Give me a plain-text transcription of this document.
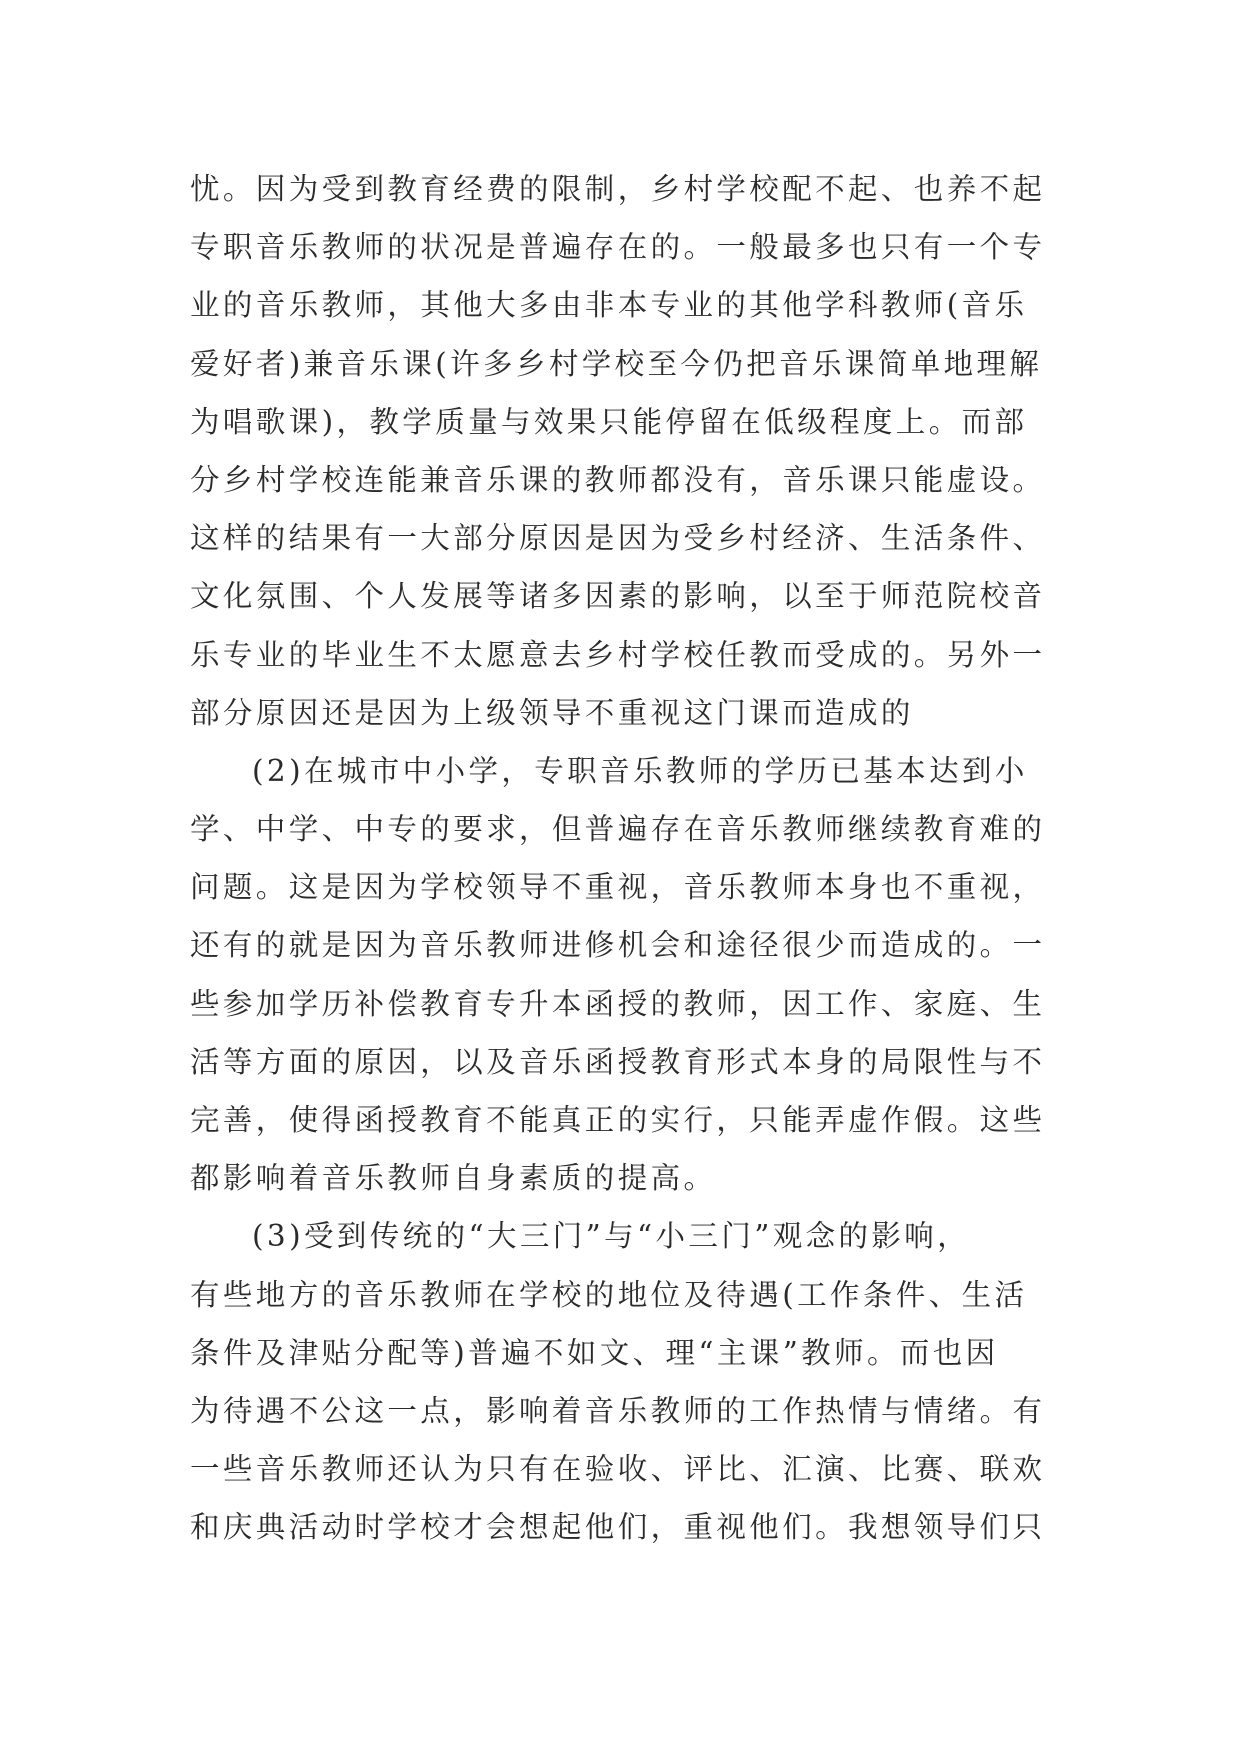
忧。因为受到教育经费的限制，乡村学校配不起、也养不起
专职音乐教师的状况是普遍存在的。一般最多也只有一个专
业的音乐教师，其他大多由非本专业的其他学科教师(音乐
爱好者)兼音乐课(许多乡村学校至今仍把音乐课简单地理解
为唱歌课)，教学质量与效果只能停留在低级程度上。而部
分乡村学校连能兼音乐课的教师都没有，音乐课只能虚设。
这样的结果有一大部分原因是因为受乡村经济、生活条件、
文化氛围、个人发展等诸多因素的影响，以至于师范院校音
乐专业的毕业生不太愿意去乡村学校任教而受成的。另外一
部分原因还是因为上级领导不重视这门课而造成的
(2)在城市中小学，专职音乐教师的学历已基本达到小
学、中学、中专的要求，但普遍存在音乐教师继续教育难的
问题。这是因为学校领导不重视，音乐教师本身也不重视，
还有的就是因为音乐教师进修机会和途径很少而造成的。一
些参加学历补偿教育专升本函授的教师，因工作、家庭、生
活等方面的原因，以及音乐函授教育形式本身的局限性与不
完善，使得函授教育不能真正的实行，只能弄虚作假。这些
都影响着音乐教师自身素质的提高。
(3)受到传统的“大三门”与“小三门”观念的影响，
有些地方的音乐教师在学校的地位及待遇(工作条件、生活
条件及津贴分配等)普遍不如文、理“主课”教师。而也因
为待遇不公这一点，影响着音乐教师的工作热情与情绪。有
一些音乐教师还认为只有在验收、评比、汇演、比赛、联欢
和庆典活动时学校才会想起他们，重视他们。我想领导们只
